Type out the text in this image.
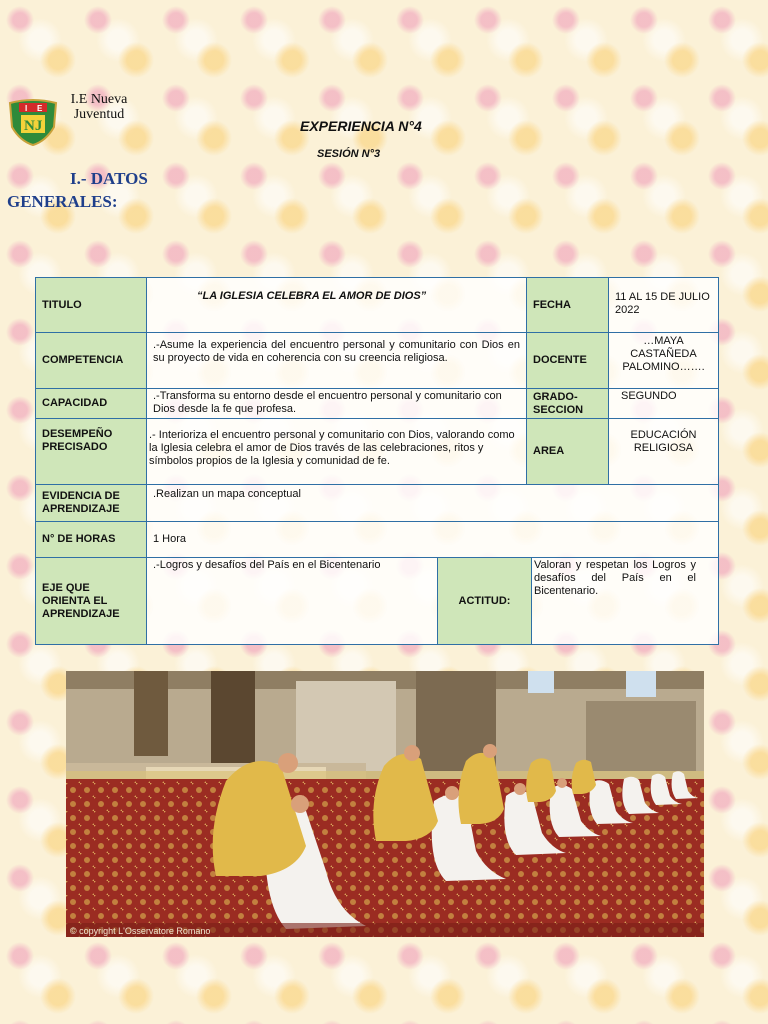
I E
NJ
I.E Nueva Juventud
EXPERIENCIA N°4
SESIÓN N°3
I.- DATOS
GENERALES:
TITULO
“LA IGLESIA CELEBRA EL AMOR DE DIOS”
FECHA
11 AL 15 DE JULIO 2022
COMPETENCIA
.-Asume la experiencia del encuentro personal y comunitario con Dios en su proyecto de vida en coherencia con su creencia religiosa.	DOCENTE
…MAYA CASTAÑEDA PALOMINO…….
CAPACIDAD
.-Transforma su entorno desde el encuentro personal y comunitario con Dios desde la fe que profesa.
GRADO- SECCION
SEGUNDO
DESEMPEÑO PRECISADO
.- Interioriza el encuentro personal y comunitario con Dios, valorando como la Iglesia celebra el amor de Dios través de las celebraciones, ritos y símbolos propios de la Iglesia y comunidad de fe.
AREA
EDUCACIÓN RELIGIOSA
EVIDENCIA DE APRENDIZAJE
.Realizan un mapa conceptual
N° DE HORAS	1 Hora
EJE QUE ORIENTA EL APRENDIZAJE
.-Logros y desafíos del País en el Bicentenario
ACTITUD:
Valoran y respetan los Logros y desafíos del País en el Bicentenario.
© copyright L'Osservatore Romano
